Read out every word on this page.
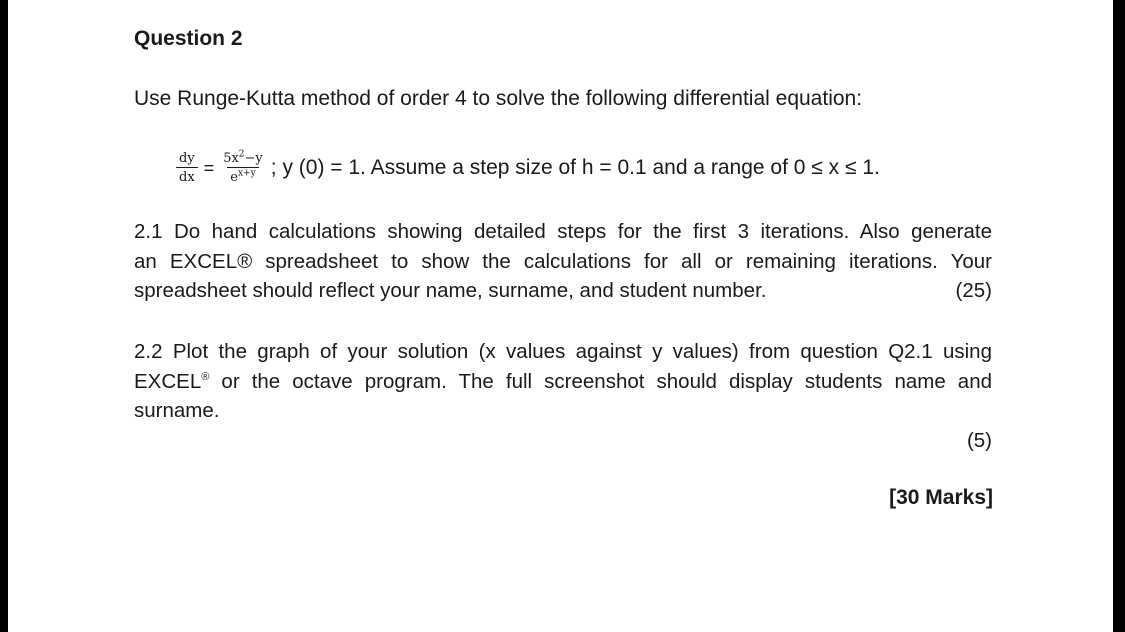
Question 2
Use Runge-Kutta method of order 4 to solve the following differential equation:
$\frac{dy}{dx} = \frac{5x^2-y}{e^{x+y}}$ ; y (0) = 1. Assume a step size of h = 0.1 and a range of 0 ≤ x ≤ 1.
2.1 Do hand calculations showing detailed steps for the first 3 iterations. Also generate
an EXCEL® spreadsheet to show the calculations for all or remaining iterations. Your
spreadsheet should reflect your name, surname, and student number.	(25)
2.2 Plot the graph of your solution (x values against y values) from question Q2.1 using
EXCEL® or the octave program. The full screenshot should display students name and
surname.
(5)
[30 Marks]
